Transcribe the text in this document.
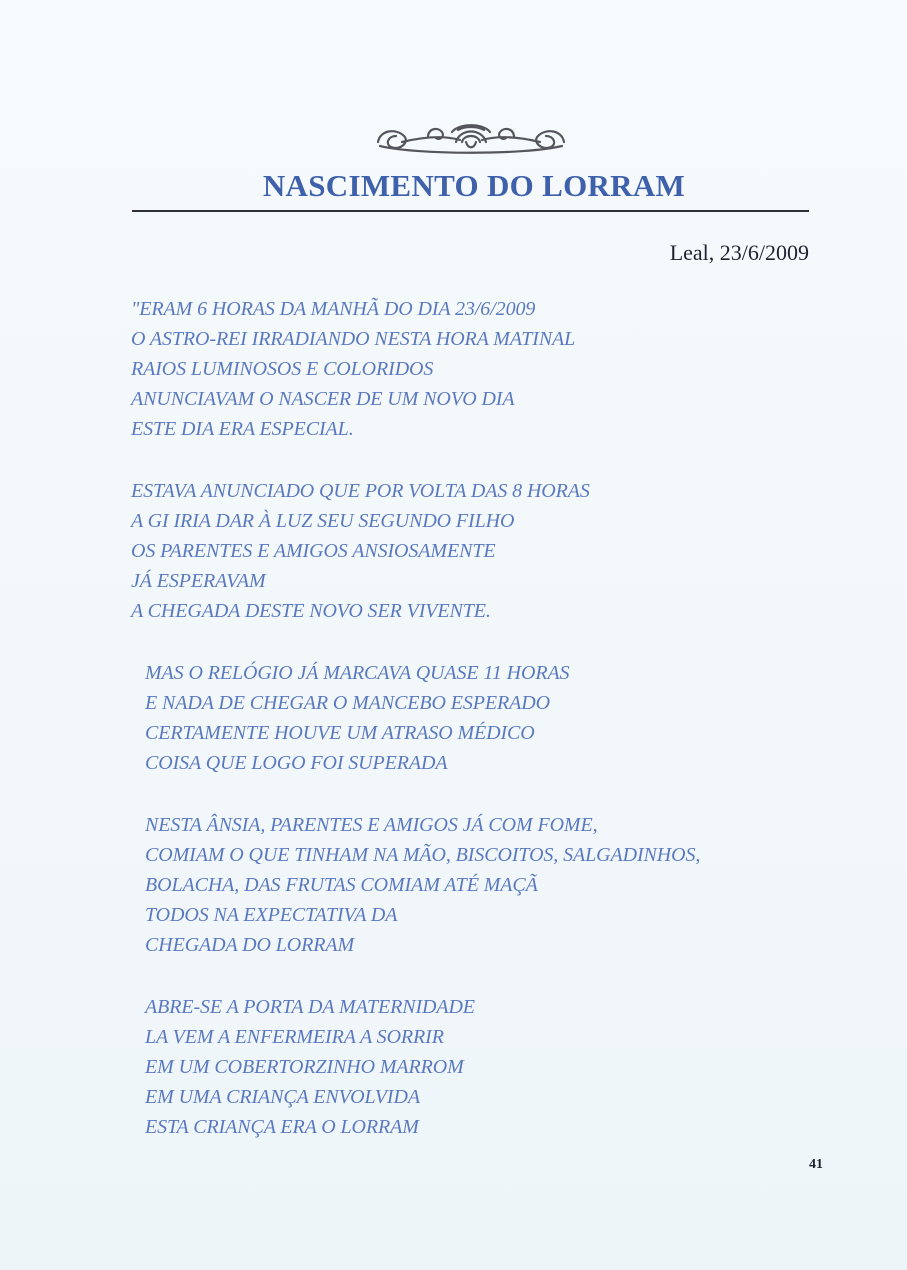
NASCIMENTO DO LORRAM
Leal, 23/6/2009
"ERAM 6 HORAS DA MANHÃ DO DIA 23/6/2009
O ASTRO-REI IRRADIANDO NESTA HORA MATINAL
RAIOS LUMINOSOS E COLORIDOS
ANUNCIAVAM O NASCER DE UM NOVO DIA
ESTE DIA ERA ESPECIAL.
ESTAVA ANUNCIADO QUE POR VOLTA DAS 8 HORAS
A GI IRIA DAR À LUZ SEU SEGUNDO FILHO
OS PARENTES E AMIGOS ANSIOSAMENTE
JÁ ESPERAVAM
A CHEGADA DESTE NOVO SER VIVENTE.
MAS O RELÓGIO JÁ MARCAVA QUASE 11 HORAS
E NADA DE CHEGAR O MANCEBO ESPERADO
CERTAMENTE HOUVE UM ATRASO MÉDICO
COISA QUE LOGO FOI SUPERADA
NESTA ÂNSIA, PARENTES E AMIGOS JÁ COM FOME,
COMIAM O QUE TINHAM NA MÃO, BISCOITOS, SALGADINHOS,
BOLACHA, DAS FRUTAS COMIAM ATÉ MAÇÃ
TODOS NA EXPECTATIVA DA
CHEGADA DO LORRAM
ABRE-SE A PORTA DA MATERNIDADE
LA VEM A ENFERMEIRA A SORRIR
EM UM COBERTORZINHO MARROM
EM UMA CRIANÇA ENVOLVIDA
ESTA CRIANÇA ERA O LORRAM
41
